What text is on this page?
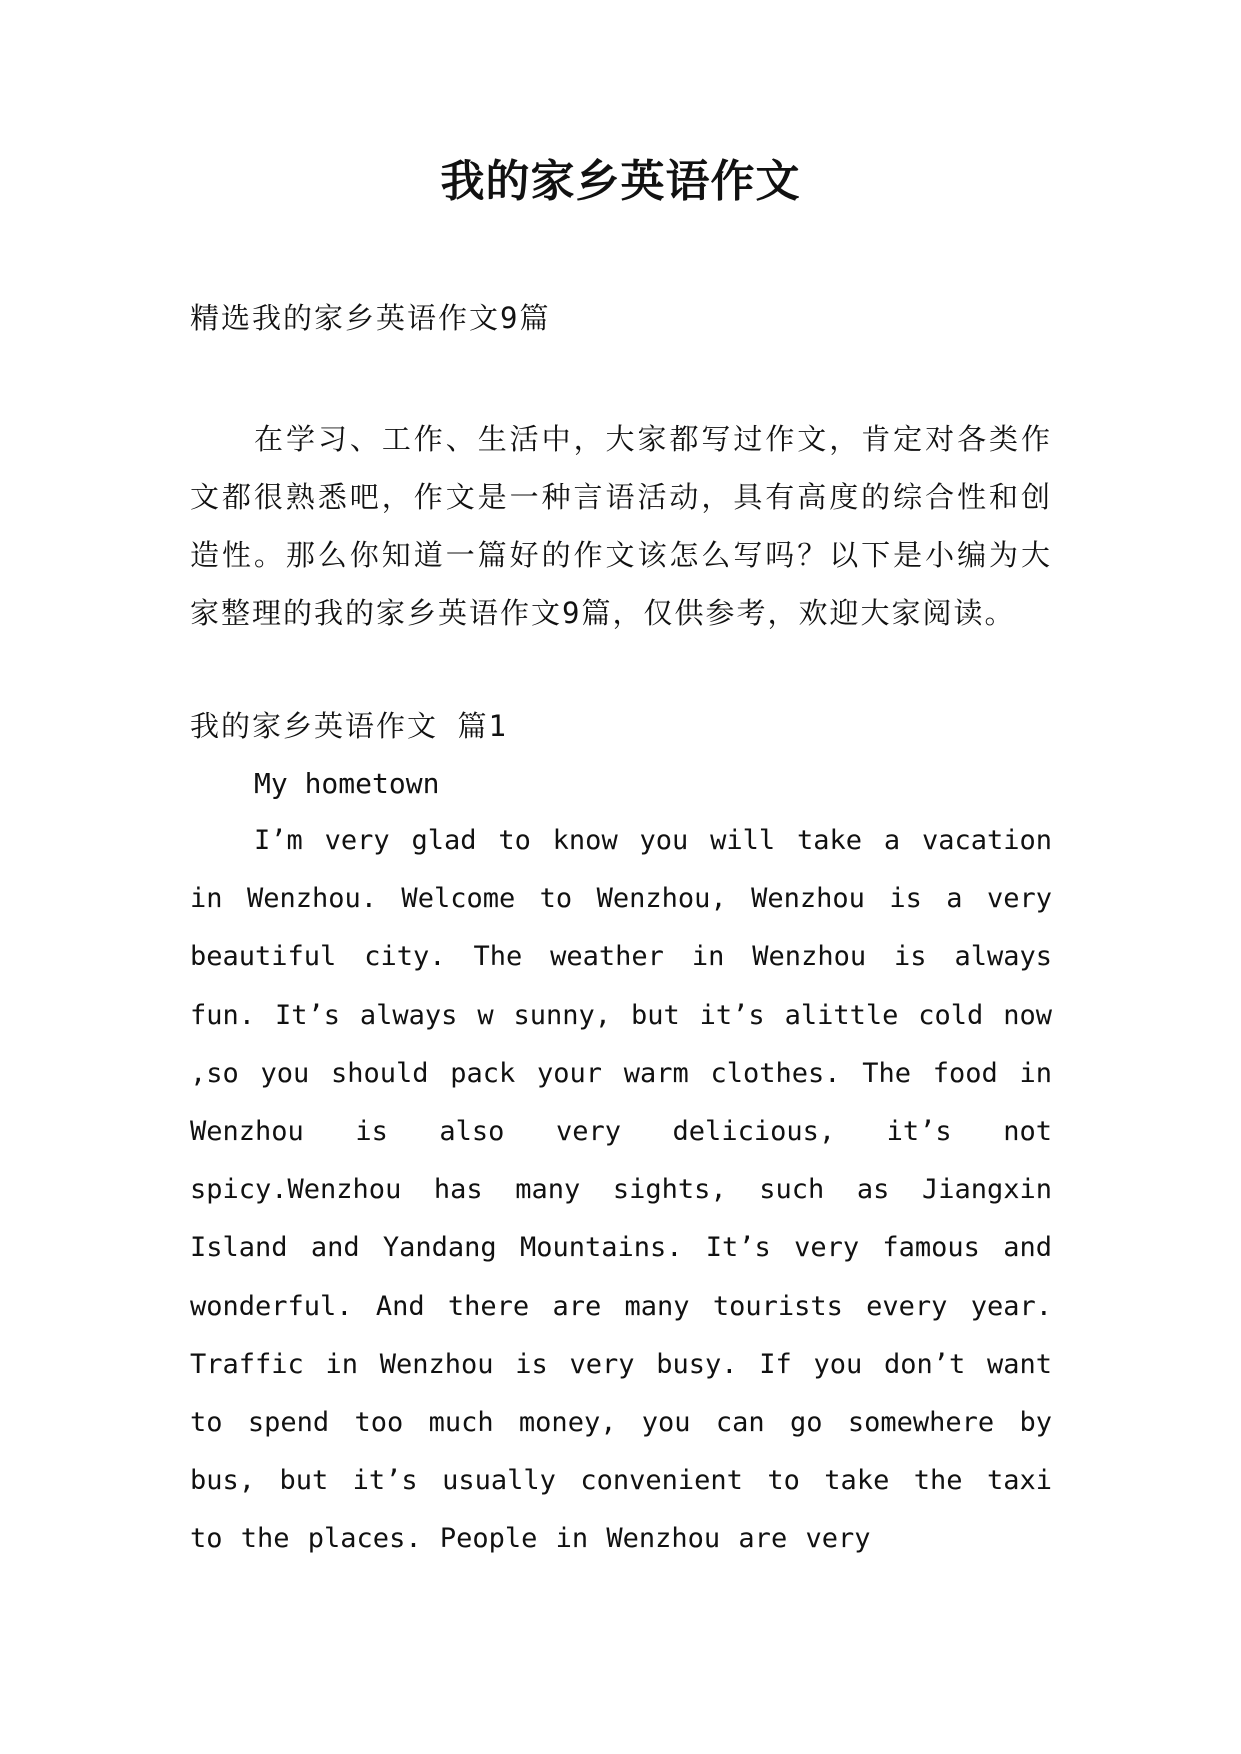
我的家乡英语作文
精选我的家乡英语作文9篇

在学习、工作、生活中，大家都写过作文，肯定对各类作文都很熟悉吧，作文是一种言语活动，具有高度的综合性和创造性。那么你知道一篇好的作文该怎么写吗？以下是小编为大家整理的我的家乡英语作文9篇，仅供参考，欢迎大家阅读。

我的家乡英语作文 篇1
My hometown

I’m very glad to know you will take a vacation in Wenzhou. Welcome to Wenzhou, Wenzhou is a very beautiful city. The weather in Wenzhou is always fun. It’s always w sunny, but it’s alittle cold now ,so you should pack your warm clothes. The food in Wenzhou is also very delicious, it’s not spicy.Wenzhou has many sights, such as Jiangxin Island and Yandang Mountains. It’s very famous and wonderful. And there are many tourists every year. Traffic in Wenzhou is very busy. If you don’t want to spend too much money, you can go somewhere by bus, but it’s usually convenient to take the taxi to the places. People in Wenzhou are very
